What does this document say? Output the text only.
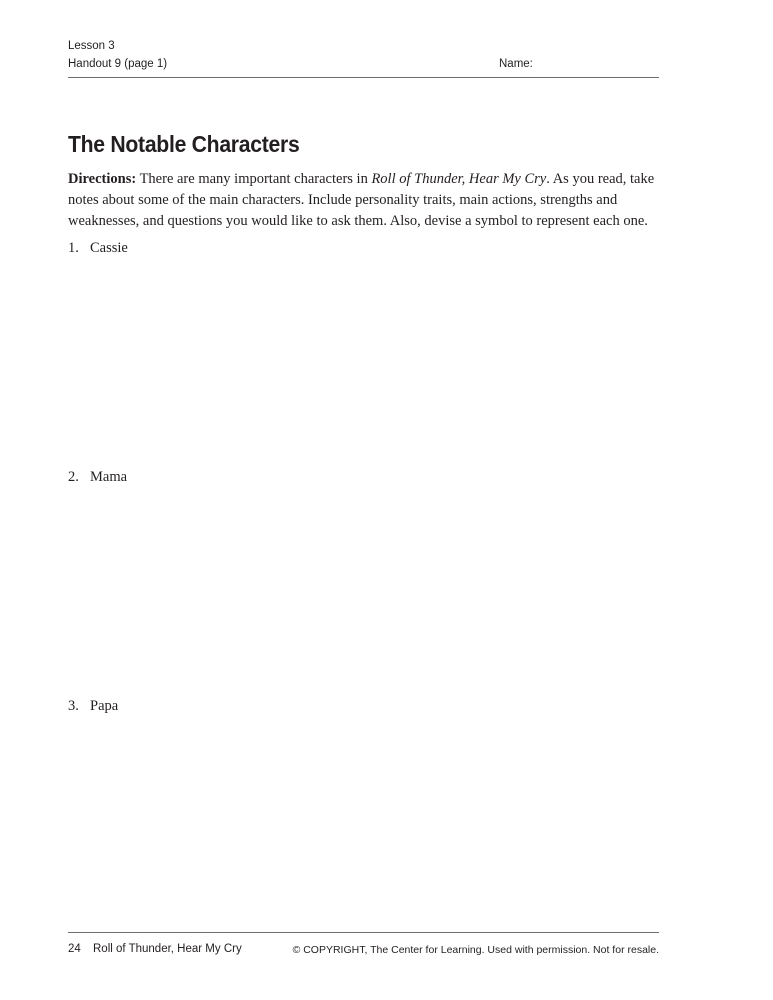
Lesson 3
Handout 9 (page 1)	Name:
The Notable Characters

Directions: There are many important characters in Roll of Thunder, Hear My Cry. As you read, take notes about some of the main characters. Include personality traits, main actions, strengths and weaknesses, and questions you would like to ask them. Also, devise a symbol to represent each one.

1. Cassie
2. Mama
3. Papa
24 Roll of Thunder, Hear My Cry	© COPYRIGHT, The Center for Learning. Used with permission. Not for resale.
